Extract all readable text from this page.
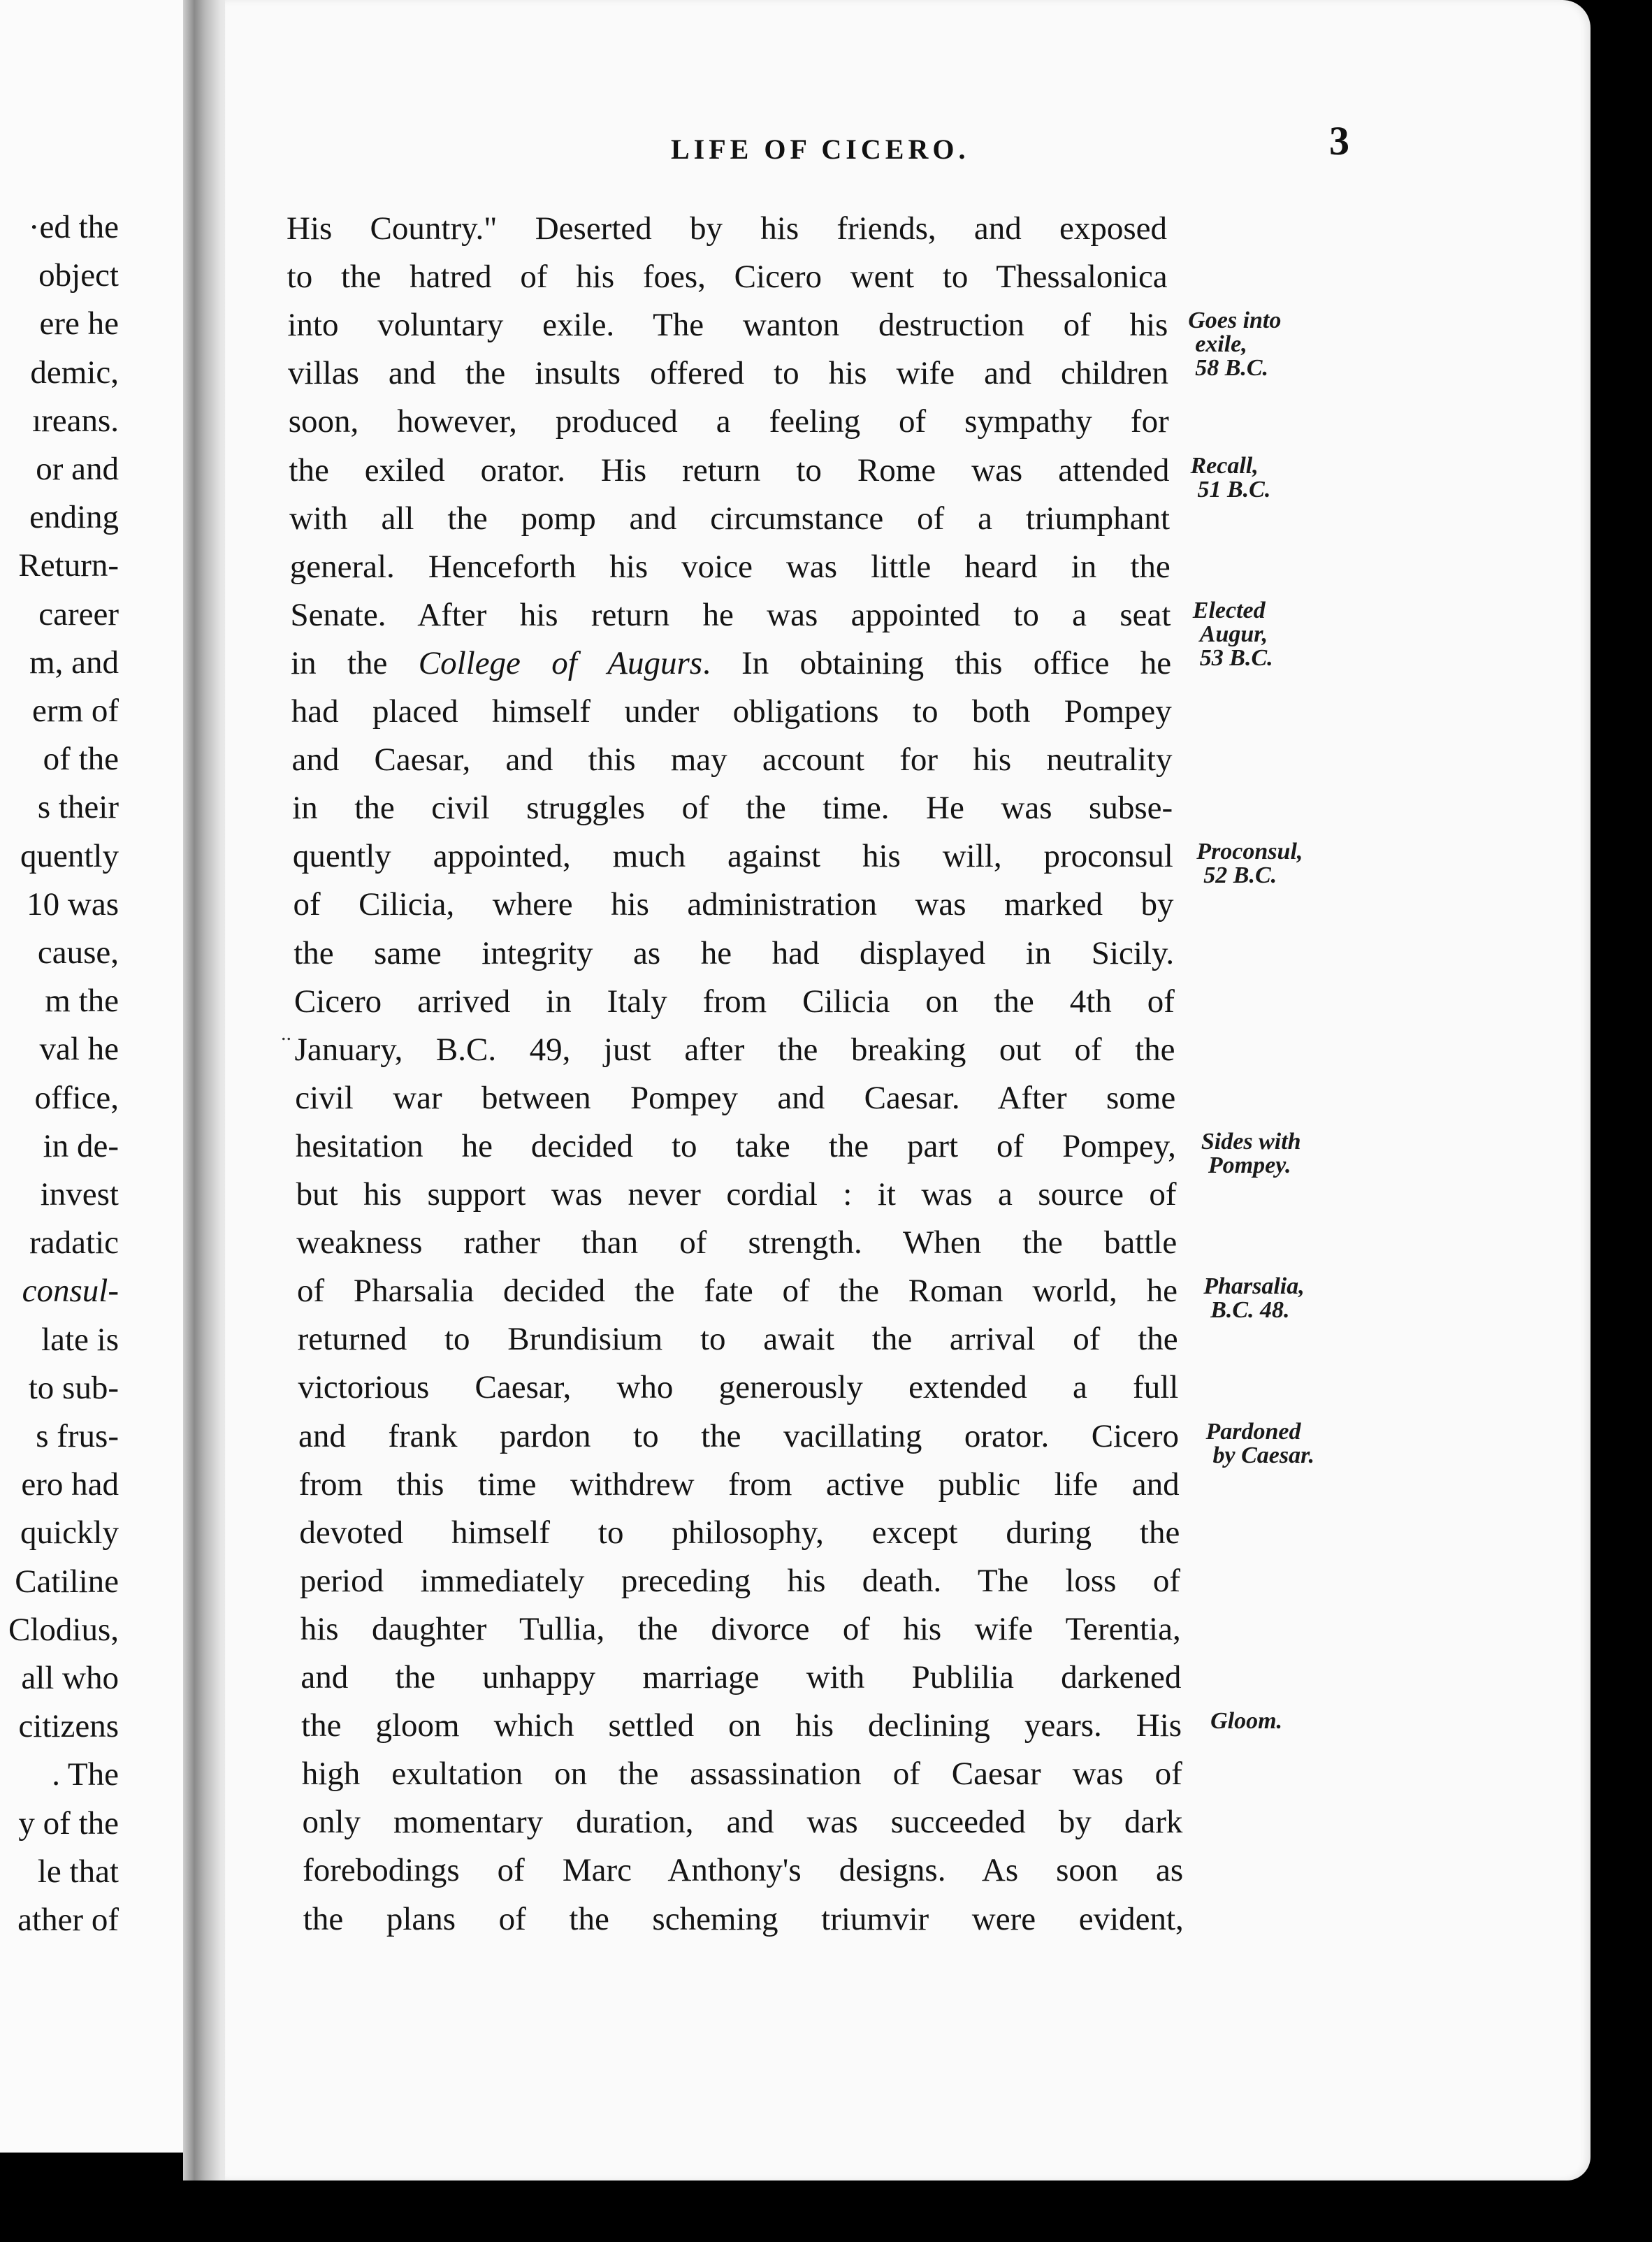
·ed the
object
ere he
demic,
ıreans.
or and
ending
Return-
career
m, and
erm of
of the
s their
quently
10 was
cause,
m the
val he
office,
in de-
invest
radatic
consul-
late is
to sub-
s frus-
ero had
quickly
Catiline
Clodius,
all who
citizens
. The
y of the
le that
ather of
LIFE OF CICERO.	3
..
His Country." Deserted by his friends, and exposed
to the hatred of his foes, Cicero went to Thessalonica
into voluntary exile. The wanton destruction of his
villas and the insults offered to his wife and children
soon, however, produced a feeling of sympathy for
the exiled orator. His return to Rome was attended
with all the pomp and circumstance of a triumphant
general. Henceforth his voice was little heard in the
Senate. After his return he was appointed to a seat
in the College of Augurs. In obtaining this office he
had placed himself under obligations to both Pompey
and Caesar, and this may account for his neutrality
in the civil struggles of the time. He was subse-
quently appointed, much against his will, proconsul
of Cilicia, where his administration was marked by
the same integrity as he had displayed in Sicily.
Cicero arrived in Italy from Cilicia on the 4th of
January, B.C. 49, just after the breaking out of the
civil war between Pompey and Caesar. After some
hesitation he decided to take the part of Pompey,
but his support was never cordial : it was a source of
weakness rather than of strength. When the battle
of Pharsalia decided the fate of the Roman world, he
returned to Brundisium to await the arrival of the
victorious Caesar, who generously extended a full
and frank pardon to the vacillating orator. Cicero
from this time withdrew from active public life and
devoted himself to philosophy, except during the
period immediately preceding his death. The loss of
his daughter Tullia, the divorce of his wife Terentia,
and the unhappy marriage with Publilia darkened
the gloom which settled on his declining years. His
high exultation on the assassination of Caesar was of
only momentary duration, and was succeeded by dark
forebodings of Marc Anthony's designs. As soon as
the plans of the scheming triumvir were evident,
Goes into
exile,
58 B.C.
Recall,
51 B.C.
Elected
Augur,
53 B.C.
Proconsul,
52 B.C.
Sides with
Pompey.
Pharsalia,
B.C. 48.
Pardoned
by Caesar.
Gloom.
